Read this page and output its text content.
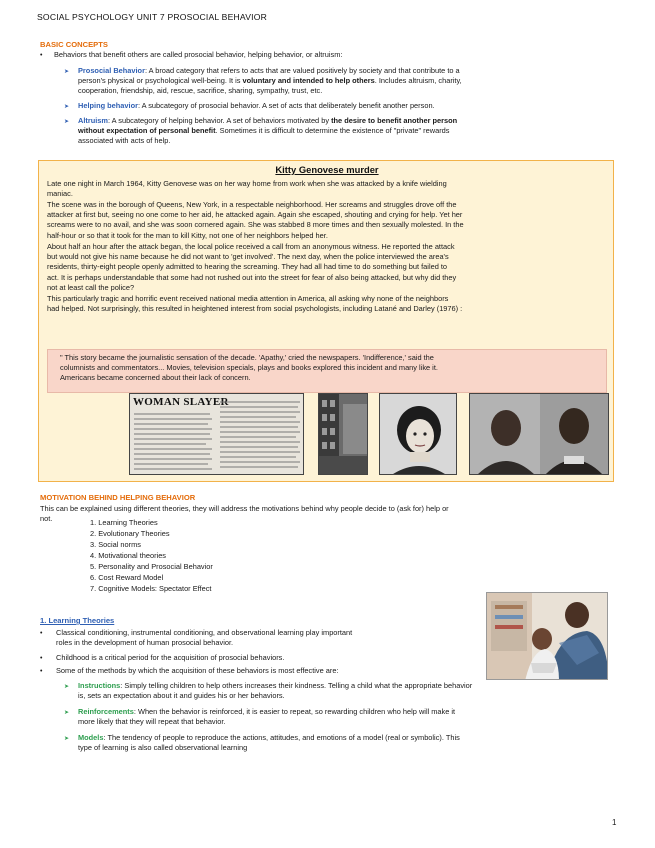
SOCIAL PSYCHOLOGY UNIT 7 PROSOCIAL BEHAVIOR
BASIC CONCEPTS
• Behaviors that benefit others are called prosocial behavior, helping behavior, or altruism:
➤ Prosocial Behavior: A broad category that refers to acts that are valued positively by society and that contribute to a
person's physical or psychological well-being. It is voluntary and intended to help others. Includes altruism, charity,
cooperation, friendship, aid, rescue, sacrifice, sharing, sympathy, trust, etc.
➤ Helping behavior: A subcategory of prosocial behavior. A set of acts that deliberately benefit another person.
➤ Altruism: A subcategory of helping behavior. A set of behaviors motivated by the desire to benefit another person
without expectation of personal benefit. Sometimes it is difficult to determine the existence of "private" rewards
associated with acts of help.
Kitty Genovese murder
Late one night in March 1964, Kitty Genovese was on her way home from work when she was attacked by a knife wielding
maniac.
The scene was in the borough of Queens, New York, in a respectable neighborhood. Her screams and struggles drove off the
attacker at first but, seeing no one come to her aid, he attacked again. Again she escaped, shouting and crying for help. Yet her
screams were to no avail, and she was soon cornered again. She was stabbed 8 more times and then sexually molested. In the
half-hour or so that it took for the man to kill Kitty, not one of her neighbors helped her.
About half an hour after the attack began, the local police received a call from an anonymous witness. He reported the attack
but would not give his name because he did not want to 'get involved'. The next day, when the police interviewed the area's
residents, thirty-eight people openly admitted to hearing the screaming. They had all had time to do something but failed to
act. It is perhaps understandable that some had not rushed out into the street for fear of also being attacked, but why did they
not at least call the police?
This particularly tragic and horrific event received national media attention in America, all asking why none of the neighbors
had helped. Not surprisingly, this resulted in heightened interest from social psychologists, including Latané and Darley (1976) :
" This story became the journalistic sensation of the decade. 'Apathy,' cried the newspapers. 'Indifference,' said the
columnists and commentators... Movies, television specials, plays and books explored this incident and many like it.
Americans became concerned about their lack of concern.
WOMAN SLAYER
MOTIVATION BEHIND HELPING BEHAVIOR
This can be explained using different theories, they will address the motivations behind why people decide to (ask for) help or
not.	1. Learning Theories
2. Evolutionary Theories
3. Social norms
4. Motivational theories
5. Personality and Prosocial Behavior
6. Cost Reward Model
7. Cognitive Models: Spectator Effect
1. Learning Theories
• Classical conditioning, instrumental conditioning, and observational learning play important
roles in the development of human prosocial behavior.
• Childhood is a critical period for the acquisition of prosocial behaviors.
• Some of the methods by which the acquisition of these behaviors is most effective are:
➤ Instructions: Simply telling children to help others increases their kindness. Telling a child what the appropriate behavior
is, sets an expectation about it and guides his or her behaviors.
➤ Reinforcements: When the behavior is reinforced, it is easier to repeat, so rewarding children who help will make it
more likely that they will repeat that behavior.
➤ Models: The tendency of people to reproduce the actions, attitudes, and emotions of a model (real or symbolic). This
type of learning is also called observational learning
1
